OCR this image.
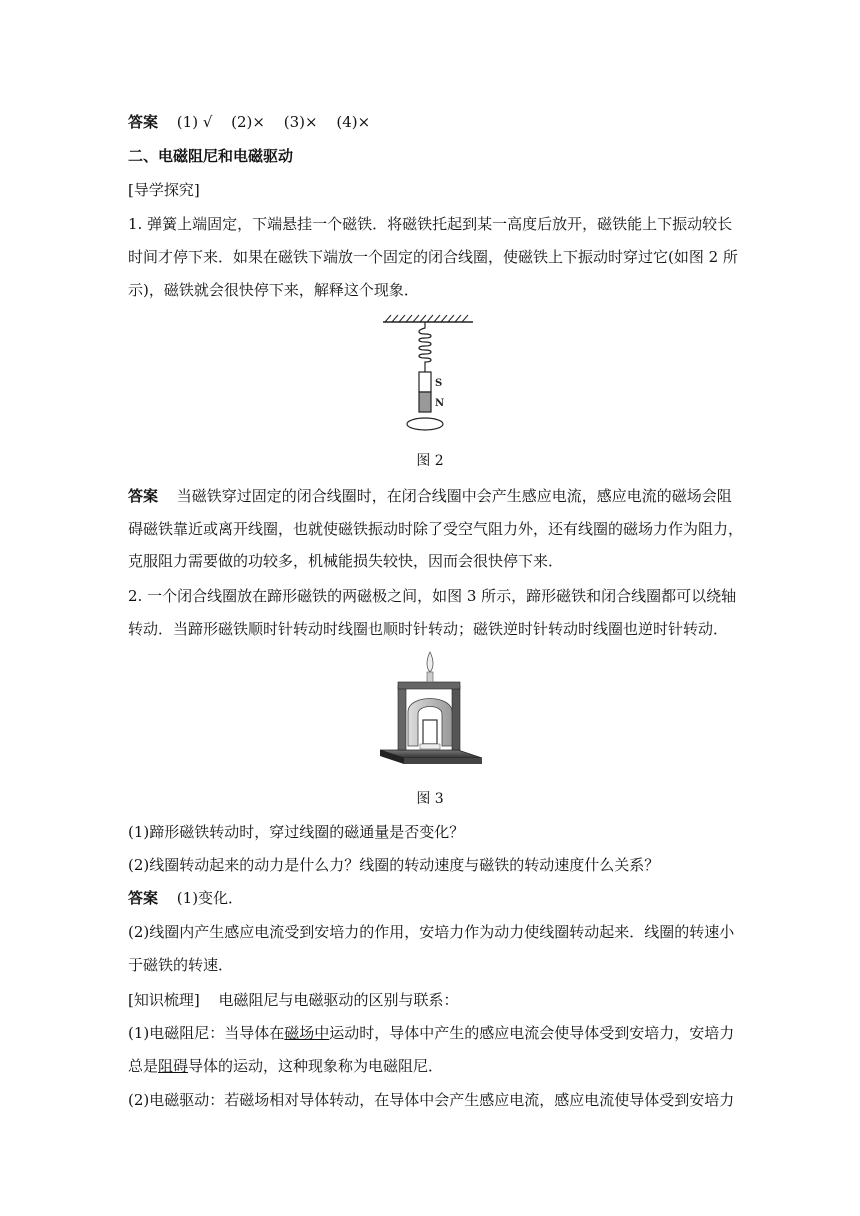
答案 (1) √ (2)× (3)× (4)×
二、电磁阻尼和电磁驱动
[导学探究]
1. 弹簧上端固定，下端悬挂一个磁铁．将磁铁托起到某一高度后放开，磁铁能上下振动较长
时间才停下来．如果在磁铁下端放一个固定的闭合线圈，使磁铁上下振动时穿过它(如图 2 所
示)，磁铁就会很快停下来，解释这个现象．
S
N
图 2
答案 当磁铁穿过固定的闭合线圈时，在闭合线圈中会产生感应电流，感应电流的磁场会阻
碍磁铁靠近或离开线圈，也就使磁铁振动时除了受空气阻力外，还有线圈的磁场力作为阻力，
克服阻力需要做的功较多，机械能损失较快，因而会很快停下来．
2. 一个闭合线圈放在蹄形磁铁的两磁极之间，如图 3 所示，蹄形磁铁和闭合线圈都可以绕轴
转动．当蹄形磁铁顺时针转动时线圈也顺时针转动；磁铁逆时针转动时线圈也逆时针转动．
图 3
(1)蹄形磁铁转动时，穿过线圈的磁通量是否变化？
(2)线圈转动起来的动力是什么力？线圈的转动速度与磁铁的转动速度什么关系？
答案 (1)变化．
(2)线圈内产生感应电流受到安培力的作用，安培力作为动力使线圈转动起来．线圈的转速小
于磁铁的转速．
[知识梳理] 电磁阻尼与电磁驱动的区别与联系：
(1)电磁阻尼：当导体在磁场中运动时，导体中产生的感应电流会使导体受到安培力，安培力
总是阻碍导体的运动，这种现象称为电磁阻尼．
(2)电磁驱动：若磁场相对导体转动，在导体中会产生感应电流，感应电流使导体受到安培力
